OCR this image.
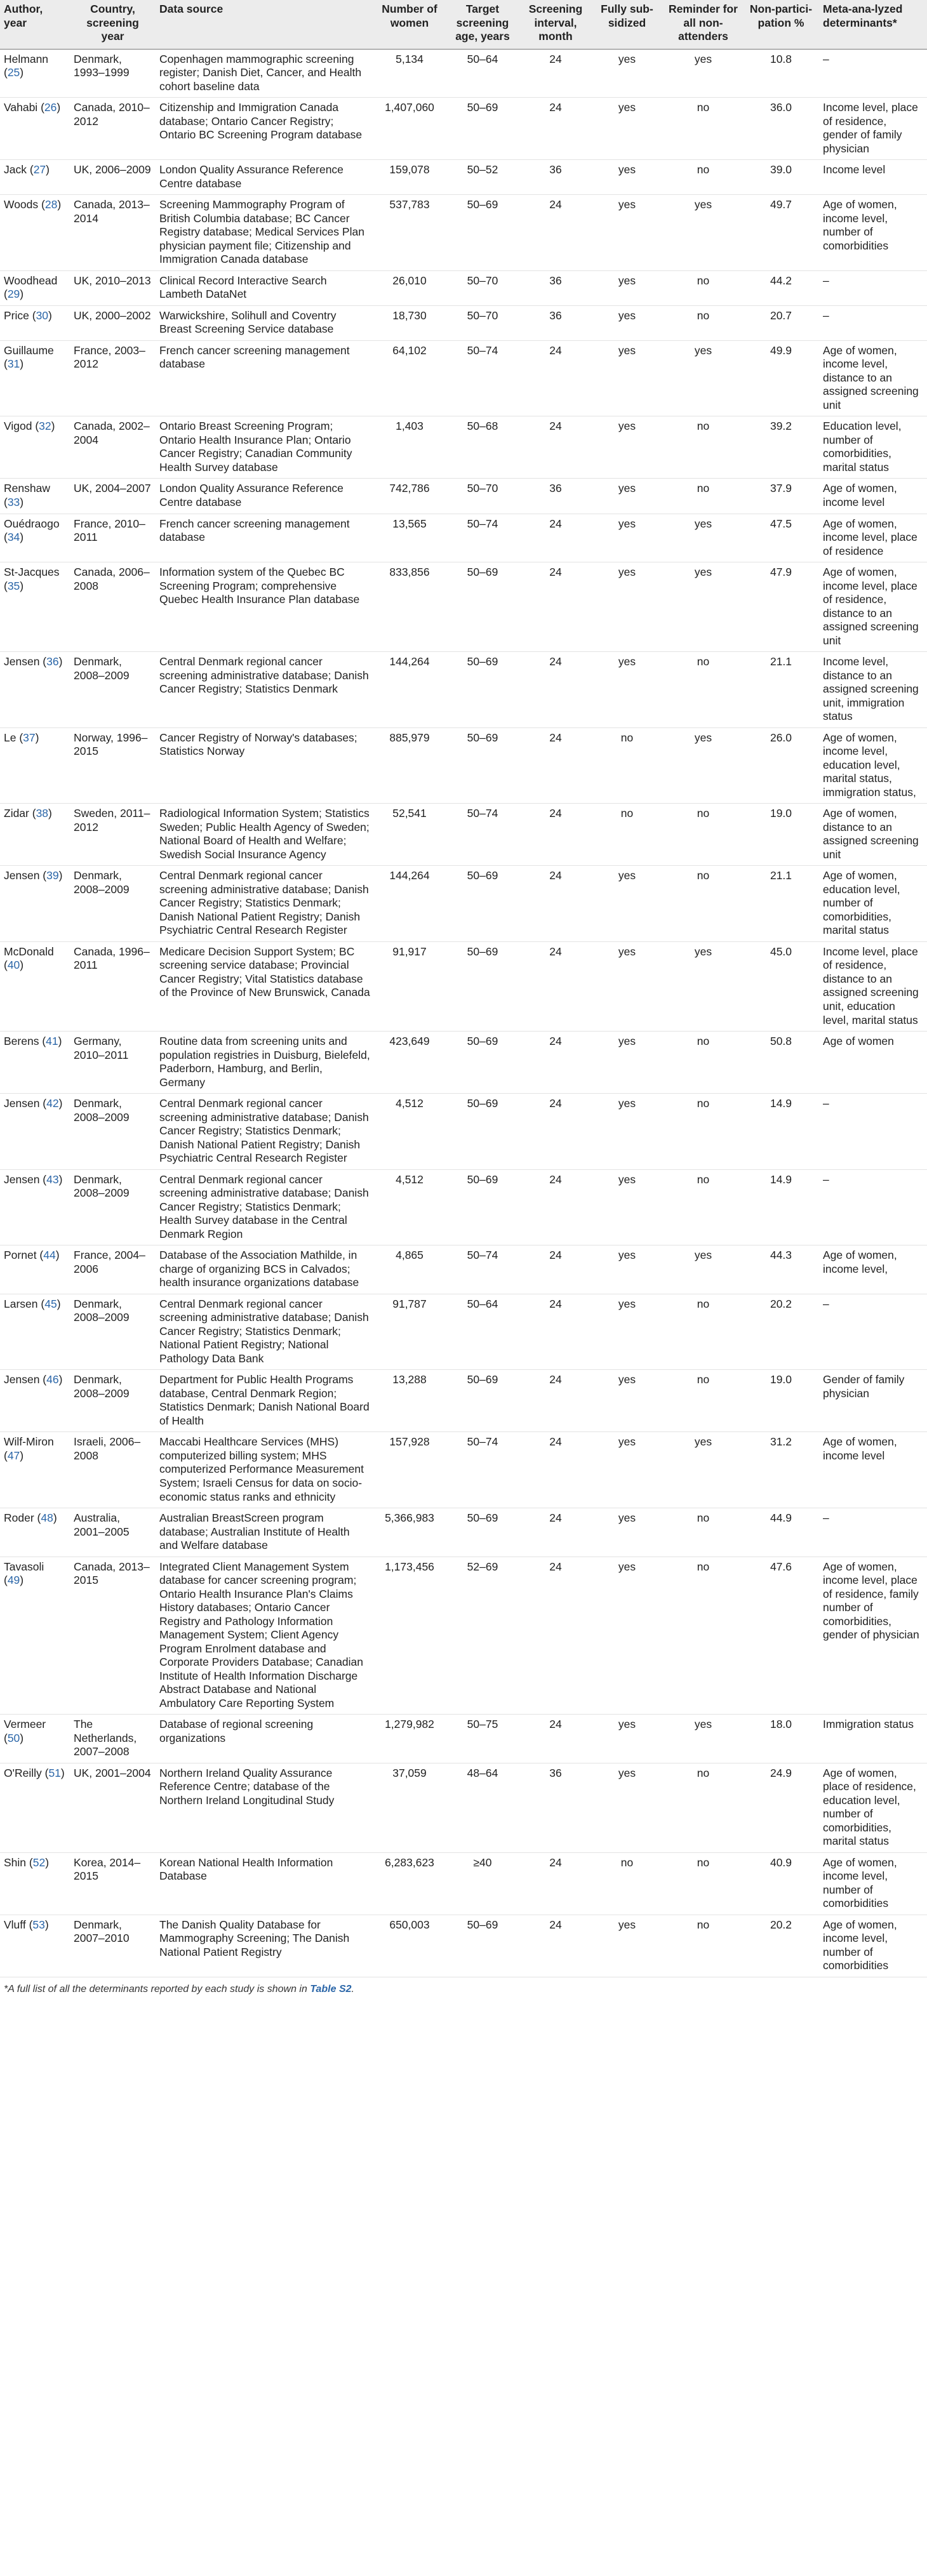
Author, year	Country, screening year	Data source	Number of women	Target screening age, years	Screening interval, month	Fully sub-sidized	Reminder for all non-attenders	Non-partici-pation %	Meta-ana-lyzed determinants*
Helmann (25)	Denmark, 1993–1999	Copenhagen mammographic screening register; Danish Diet, Cancer, and Health cohort baseline data	5,134	50–64	24	yes	yes	10.8	–
Vahabi (26)	Canada, 2010–2012	Citizenship and Immigration Canada database; Ontario Cancer Registry; Ontario BC Screening Program database	1,407,060	50–69	24	yes	no	36.0	Income level, place of residence, gender of family physician
Jack (27)	UK, 2006–2009	London Quality Assurance Reference Centre database	159,078	50–52	36	yes	no	39.0	Income level
Woods (28)	Canada, 2013–2014	Screening Mammography Program of British Columbia database; BC Cancer Registry database; Medical Services Plan physician payment file; Citizenship and Immigration Canada database	537,783	50–69	24	yes	yes	49.7	Age of women, income level, number of comorbidities
Woodhead (29)	UK, 2010–2013	Clinical Record Interactive Search Lambeth DataNet	26,010	50–70	36	yes	no	44.2	–
Price (30)	UK, 2000–2002	Warwickshire, Solihull and Coventry Breast Screening Service database	18,730	50–70	36	yes	no	20.7	–
Guillaume (31)	France, 2003–2012	French cancer screening management database	64,102	50–74	24	yes	yes	49.9	Age of women, income level, distance to an assigned screening unit
Vigod (32)	Canada, 2002–2004	Ontario Breast Screening Program; Ontario Health Insurance Plan; Ontario Cancer Registry; Canadian Community Health Survey database	1,403	50–68	24	yes	no	39.2	Education level, number of comorbidities, marital status
Renshaw (33)	UK, 2004–2007	London Quality Assurance Reference Centre database	742,786	50–70	36	yes	no	37.9	Age of women, income level
Ouédraogo (34)	France, 2010–2011	French cancer screening management database	13,565	50–74	24	yes	yes	47.5	Age of women, income level, place of residence
St-Jacques (35)	Canada, 2006–2008	Information system of the Quebec BC Screening Program; comprehensive Quebec Health Insurance Plan database	833,856	50–69	24	yes	yes	47.9	Age of women, income level, place of residence, distance to an assigned screening unit
Jensen (36)	Denmark, 2008–2009	Central Denmark regional cancer screening administrative database; Danish Cancer Registry; Statistics Denmark	144,264	50–69	24	yes	no	21.1	Income level, distance to an assigned screening unit, immigration status
Le (37)	Norway, 1996–2015	Cancer Registry of Norway's databases; Statistics Norway	885,979	50–69	24	no	yes	26.0	Age of women, income level, education level, marital status, immigration status,
Zidar (38)	Sweden, 2011–2012	Radiological Information System; Statistics Sweden; Public Health Agency of Sweden; National Board of Health and Welfare; Swedish Social Insurance Agency	52,541	50–74	24	no	no	19.0	Age of women, distance to an assigned screening unit
Jensen (39)	Denmark, 2008–2009	Central Denmark regional cancer screening administrative database; Danish Cancer Registry; Statistics Denmark; Danish National Patient Registry; Danish Psychiatric Central Research Register	144,264	50–69	24	yes	no	21.1	Age of women, education level, number of comorbidities, marital status
McDonald (40)	Canada, 1996–2011	Medicare Decision Support System; BC screening service database; Provincial Cancer Registry; Vital Statistics database of the Province of New Brunswick, Canada	91,917	50–69	24	yes	yes	45.0	Income level, place of residence, distance to an assigned screening unit, education level, marital status
Berens (41)	Germany, 2010–2011	Routine data from screening units and population registries in Duisburg, Bielefeld, Paderborn, Hamburg, and Berlin, Germany	423,649	50–69	24	yes	no	50.8	Age of women
Jensen (42)	Denmark, 2008–2009	Central Denmark regional cancer screening administrative database; Danish Cancer Registry; Statistics Denmark; Danish National Patient Registry; Danish Psychiatric Central Research Register	4,512	50–69	24	yes	no	14.9	–
Jensen (43)	Denmark, 2008–2009	Central Denmark regional cancer screening administrative database; Danish Cancer Registry; Statistics Denmark; Health Survey database in the Central Denmark Region	4,512	50–69	24	yes	no	14.9	–
Pornet (44)	France, 2004–2006	Database of the Association Mathilde, in charge of organizing BCS in Calvados; health insurance organizations database	4,865	50–74	24	yes	yes	44.3	Age of women, income level,
Larsen (45)	Denmark, 2008–2009	Central Denmark regional cancer screening administrative database; Danish Cancer Registry; Statistics Denmark; National Patient Registry; National Pathology Data Bank	91,787	50–64	24	yes	no	20.2	–
Jensen (46)	Denmark, 2008–2009	Department for Public Health Programs database, Central Denmark Region; Statistics Denmark; Danish National Board of Health	13,288	50–69	24	yes	no	19.0	Gender of family physician
Wilf-Miron (47)	Israeli, 2006–2008	Maccabi Healthcare Services (MHS) computerized billing system; MHS computerized Performance Measurement System; Israeli Census for data on socio-economic status ranks and ethnicity	157,928	50–74	24	yes	yes	31.2	Age of women, income level
Roder (48)	Australia, 2001–2005	Australian BreastScreen program database; Australian Institute of Health and Welfare database	5,366,983	50–69	24	yes	no	44.9	–
Tavasoli (49)	Canada, 2013–2015	Integrated Client Management System database for cancer screening program; Ontario Health Insurance Plan's Claims History databases; Ontario Cancer Registry and Pathology Information Management System; Client Agency Program Enrolment database and Corporate Providers Database; Canadian Institute of Health Information Discharge Abstract Database and National Ambulatory Care Reporting System	1,173,456	52–69	24	yes	no	47.6	Age of women, income level, place of residence, family number of comorbidities, gender of physician
Vermeer (50)	The Netherlands, 2007–2008	Database of regional screening organizations	1,279,982	50–75	24	yes	yes	18.0	Immigration status
O'Reilly (51)	UK, 2001–2004	Northern Ireland Quality Assurance Reference Centre; database of the Northern Ireland Longitudinal Study	37,059	48–64	36	yes	no	24.9	Age of women, place of residence, education level, number of comorbidities, marital status
Shin (52)	Korea, 2014–2015	Korean National Health Information Database	6,283,623	≥40	24	no	no	40.9	Age of women, income level, number of comorbidities
Vluff (53)	Denmark, 2007–2010	The Danish Quality Database for Mammography Screening; The Danish National Patient Registry	650,003	50–69	24	yes	no	20.2	Age of women, income level, number of comorbidities
*A full list of all the determinants reported by each study is shown in Table S2.
